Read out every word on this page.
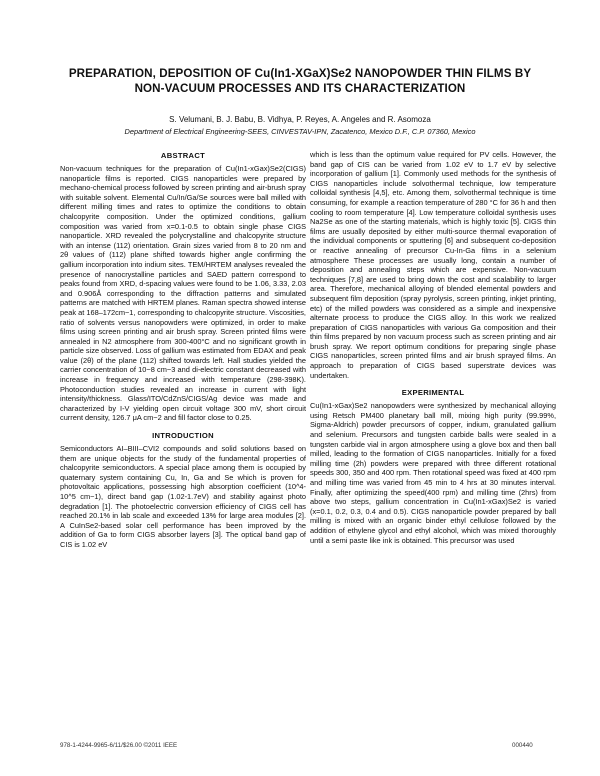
PREPARATION, DEPOSITION OF Cu(In1-XGaX)Se2 NANOPOWDER THIN FILMS BY
NON-VACUUM PROCESSES AND ITS CHARACTERIZATION
S. Velumani, B. J. Babu, B. Vidhya, P. Reyes, A. Angeles and R. Asomoza
Department of Electrical Engineering-SEES, CINVESTAV-IPN, Zacatenco, Mexico D.F., C.P. 07360, Mexico
ABSTRACT

Non-vacuum techniques for the preparation of Cu(In1-xGax)Se2(CIGS) nanoparticle films is reported. CIGS nanoparticles were prepared by mechano-chemical process followed by screen printing and air-brush spray with suitable solvent. Elemental Cu/In/Ga/Se sources were ball milled with different milling times and rates to optimize the conditions to obtain chalcopyrite composition. Under the optimized conditions, gallium composition was varied from x=0.1-0.5 to obtain single phase CIGS nanoparticle. XRD revealed the polycrystalline and chalcopyrite structure with an intense (112) orientation. Grain sizes varied from 8 to 20 nm and 2θ values of (112) plane shifted towards higher angle confirming the gallium incorporation into indium sites. TEM/HRTEM analyses revealed the presence of nanocrystalline particles and SAED pattern correspond to peaks found from XRD, d-spacing values were found to be 1.06, 3.33, 2.03 and 0.906Å corresponding to the diffraction patterns and simulated patterns are matched with HRTEM planes. Raman spectra showed intense peak at 168–172cm−1, corresponding to chalcopyrite structure. Viscosities, ratio of solvents versus nanopowders were optimized, in order to make films using screen printing and air brush spray. Screen printed films were annealed in N2 atmosphere from 300-400°C and no significant growth in particle size observed. Loss of gallium was estimated from EDAX and peak value (2θ) of the plane (112) shifted towards left. Hall studies yielded the carrier concentration of 10−8 cm−3 and di-electric constant decreased with increase in frequency and increased with temperature (298-398K). Photoconduction studies revealed an increase in current with light intensity/thickness. Glass/ITO/CdZnS/CIGS/Ag device was made and characterized by I-V yielding open circuit voltage 300 mV, short circuit current density, 126.7 μA cm−2 and fill factor close to 0.25.

INTRODUCTION

Semiconductors AI–BIII–CVI2 compounds and solid solutions based on them are unique objects for the study of the fundamental properties of chalcopyrite semiconductors. A special place among them is occupied by quaternary system containing Cu, In, Ga and Se which is proven for photovoltaic applications, possessing high absorption coefficient (10^4-10^5 cm−1), direct band gap (1.02-1.7eV) and stability against photo degradation [1]. The photoelectric conversion efficiency of CIGS cell has reached 20.1% in lab scale and exceeded 13% for large area modules [2]. A CuInSe2-based solar cell performance has been improved by the addition of Ga to form CIGS absorber layers [3]. The optical band gap of CIS is 1.02 eV

which is less than the optimum value required for PV cells. However, the band gap of CIS can be varied from 1.02 eV to 1.7 eV by selective incorporation of gallium [1]. Commonly used methods for the synthesis of CIGS nanoparticles include solvothermal technique, low temperature colloidal synthesis [4,5], etc. Among them, solvothermal technique is time consuming, for example a reaction temperature of 280 °C for 36 h and then cooling to room temperature [4]. Low temperature colloidal synthesis uses Na2Se as one of the starting materials, which is highly toxic [5]. CIGS thin films are usually deposited by either multi-source thermal evaporation of the individual components or sputtering [6] and subsequent co-deposition or reactive annealing of precursor Cu-In-Ga films in a selenium atmosphere These processes are usually long, contain a number of deposition and annealing steps which are expensive. Non-vacuum techniques [7,8] are used to bring down the cost and scalability to larger area. Therefore, mechanical alloying of blended elemental powders and subsequent film deposition (spray pyrolysis, screen printing, inkjet printing, etc) of the milled powders was considered as a simple and inexpensive alternate process to produce the CIGS alloy. In this work we realized preparation of CIGS nanoparticles with various Ga composition and their thin films prepared by non vacuum process such as screen printing and air brush spray. We report optimum conditions for preparing single phase CIGS nanoparticles, screen printed films and air brush sprayed films. An approach to preparation of CIGS based superstrate devices was undertaken.

EXPERIMENTAL

Cu(In1-xGax)Se2 nanopowders were synthesized by mechanical alloying using Retsch PM400 planetary ball mill, mixing high purity (99.99%, Sigma-Aldrich) powder precursors of copper, indium, granulated gallium and selenium. Precursors and tungsten carbide balls were sealed in a tungsten carbide vial in argon atmosphere using a glove box and then ball milled, leading to the formation of CIGS nanoparticles. Initially for a fixed milling time (2h) powders were prepared with three different rotational speeds 300, 350 and 400 rpm. Then rotational speed was fixed at 400 rpm and milling time was varied from 45 min to 4 hrs at 30 minutes interval. Finally, after optimizing the speed(400 rpm) and milling time (2hrs) from above two steps, gallium concentration in Cu(In1-xGax)Se2 is varied (x=0.1, 0.2, 0.3, 0.4 and 0.5). CIGS nanoparticle powder prepared by ball milling is mixed with an organic binder ethyl cellulose followed by the addition of ethylene glycol and ethyl alcohol, which was mixed thoroughly until a semi paste like ink is obtained. This precursor was used

978-1-4244-9965-6/11/$26.00 ©2011 IEEE	000440
